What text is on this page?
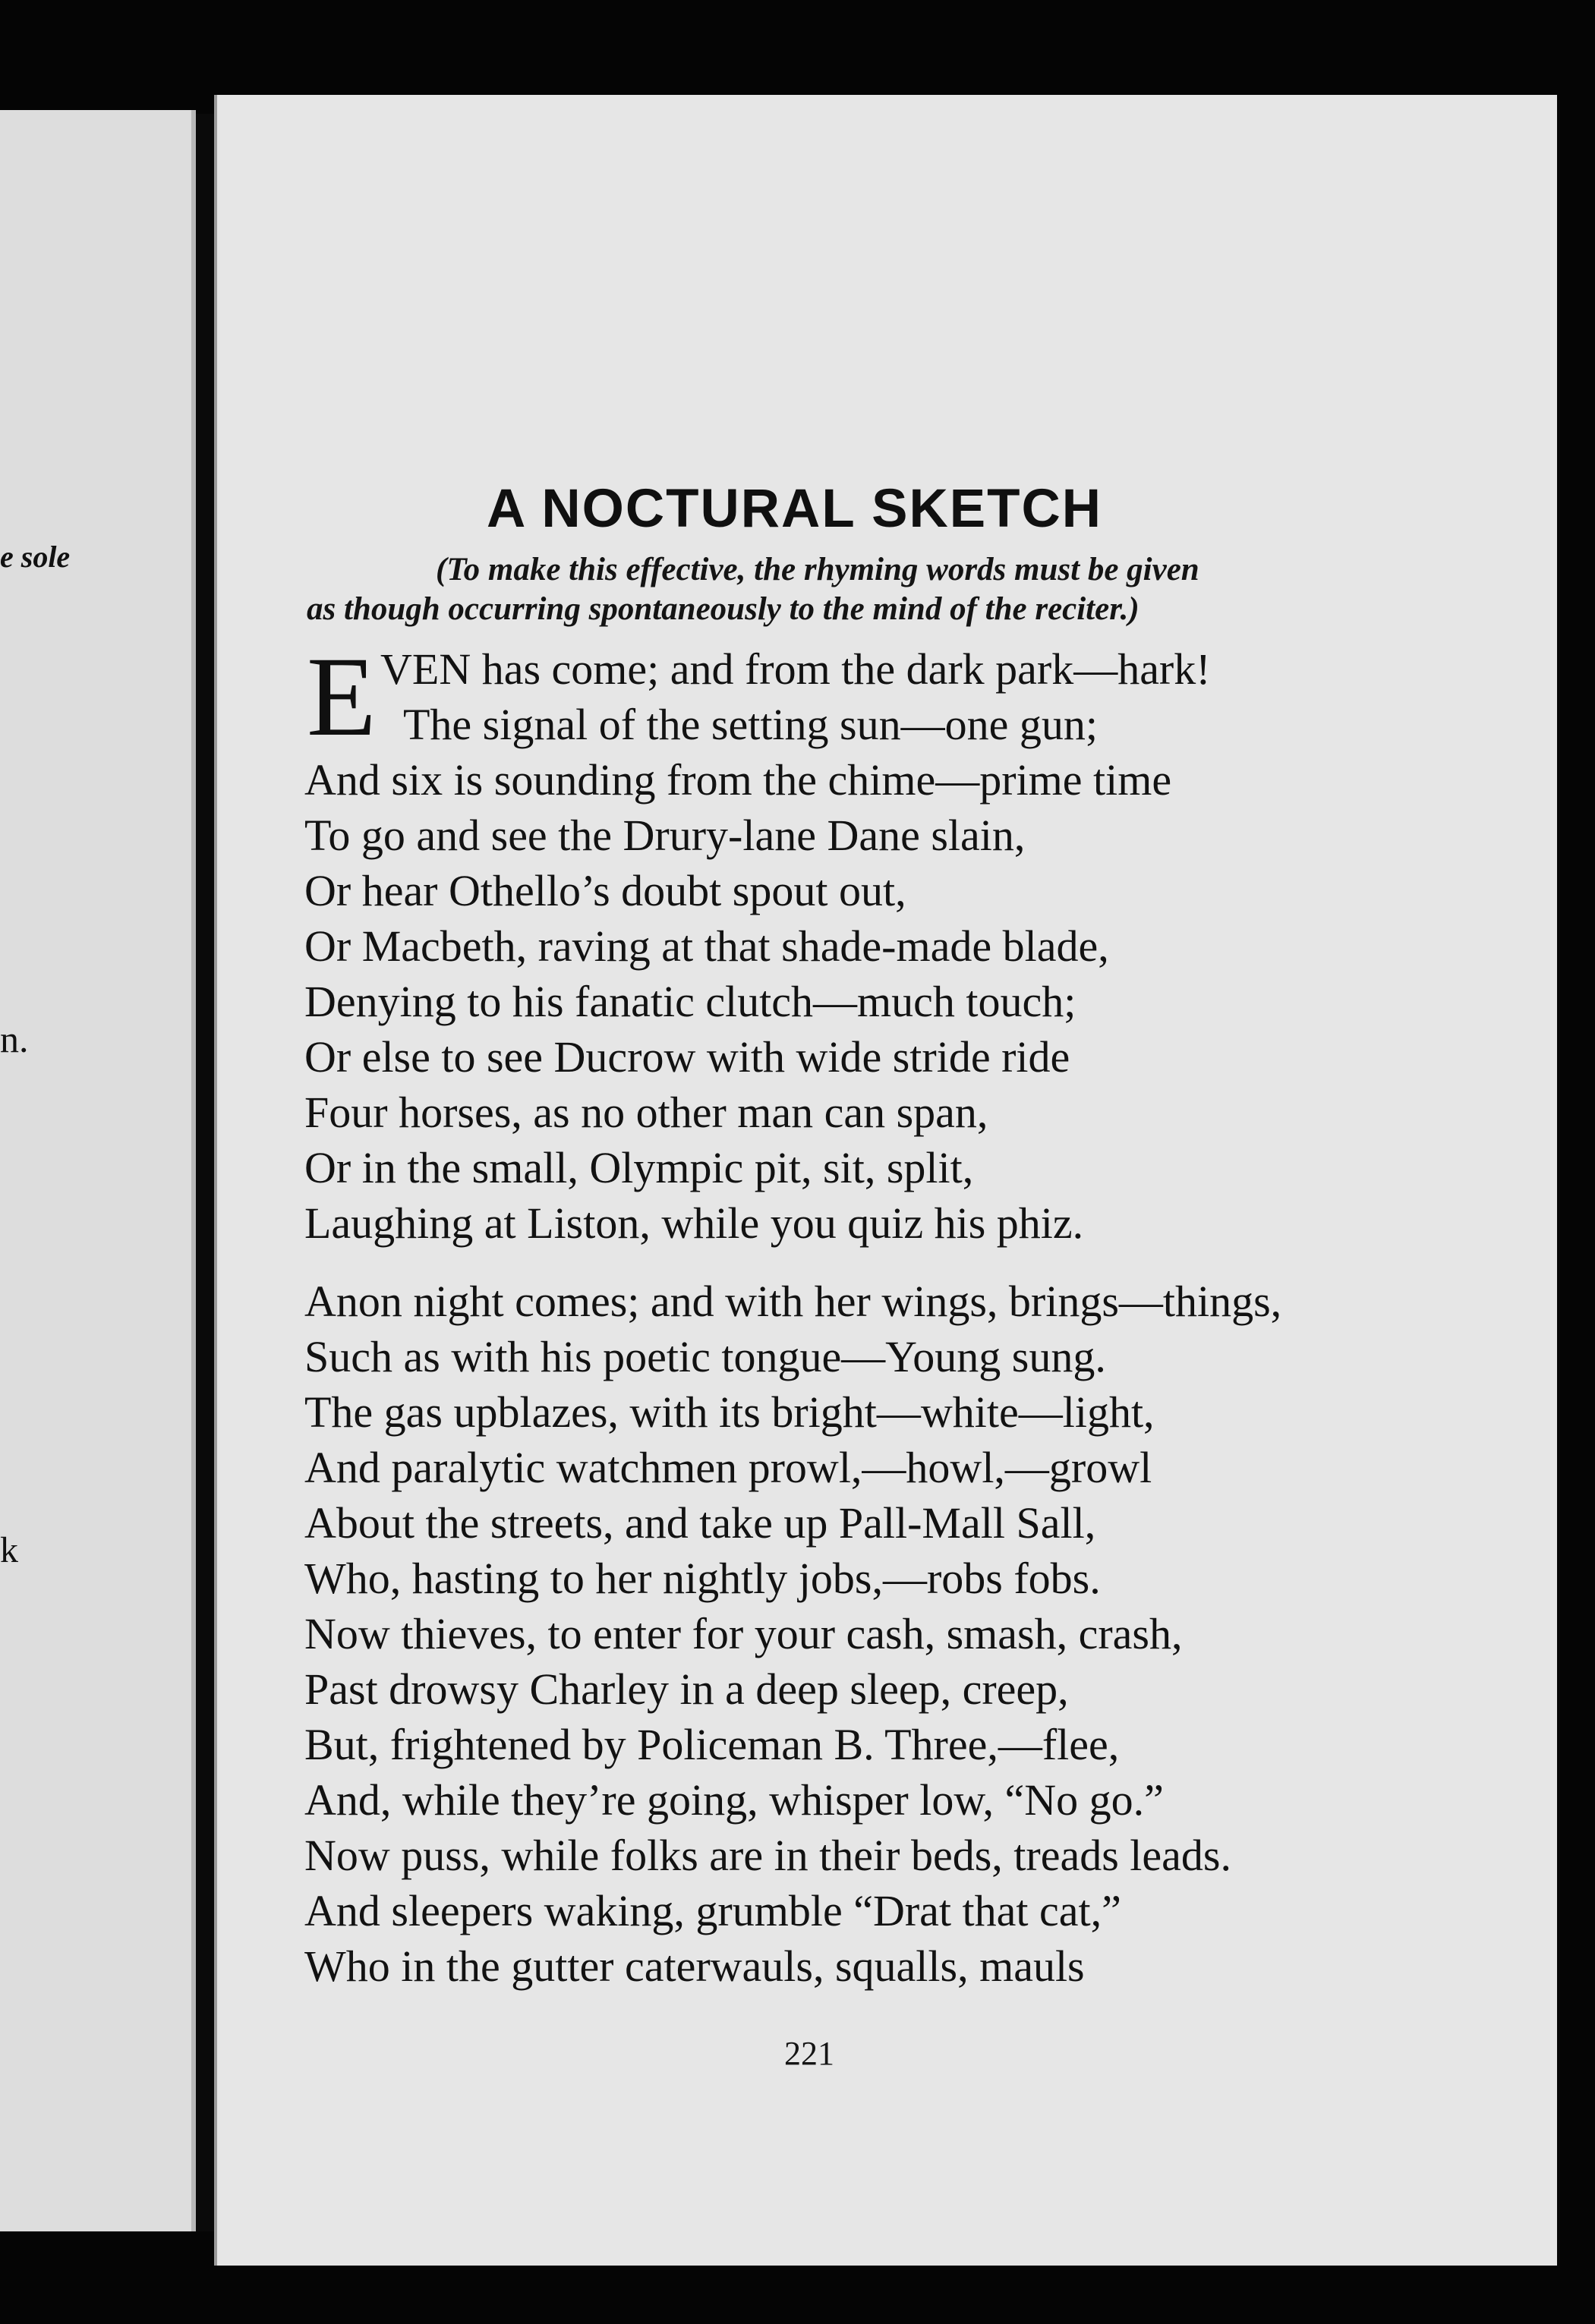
e sole
n.
k
A NOCTURAL SKETCH
(To make this effective, the rhyming words must be given
as though occurring spontaneously to the mind of the reciter.)
E VEN has come; and from the dark park—hark!
The signal of the setting sun—one gun;
And six is sounding from the chime—prime time
To go and see the Drury-lane Dane slain,
Or hear Othello’s doubt spout out,
Or Macbeth, raving at that shade-made blade,
Denying to his fanatic clutch—much touch;
Or else to see Ducrow with wide stride ride
Four horses, as no other man can span,
Or in the small, Olympic pit, sit, split,
Laughing at Liston, while you quiz his phiz.
Anon night comes; and with her wings, brings—things,
Such as with his poetic tongue—Young sung.
The gas upblazes, with its bright—white—light,
And paralytic watchmen prowl,—howl,—growl
About the streets, and take up Pall-Mall Sall,
Who, hasting to her nightly jobs,—robs fobs.
Now thieves, to enter for your cash, smash, crash,
Past drowsy Charley in a deep sleep, creep,
But, frightened by Policeman B. Three,—flee,
And, while they’re going, whisper low, “No go.”
Now puss, while folks are in their beds, treads leads.
And sleepers waking, grumble “Drat that cat,”
Who in the gutter caterwauls, squalls, mauls
221
